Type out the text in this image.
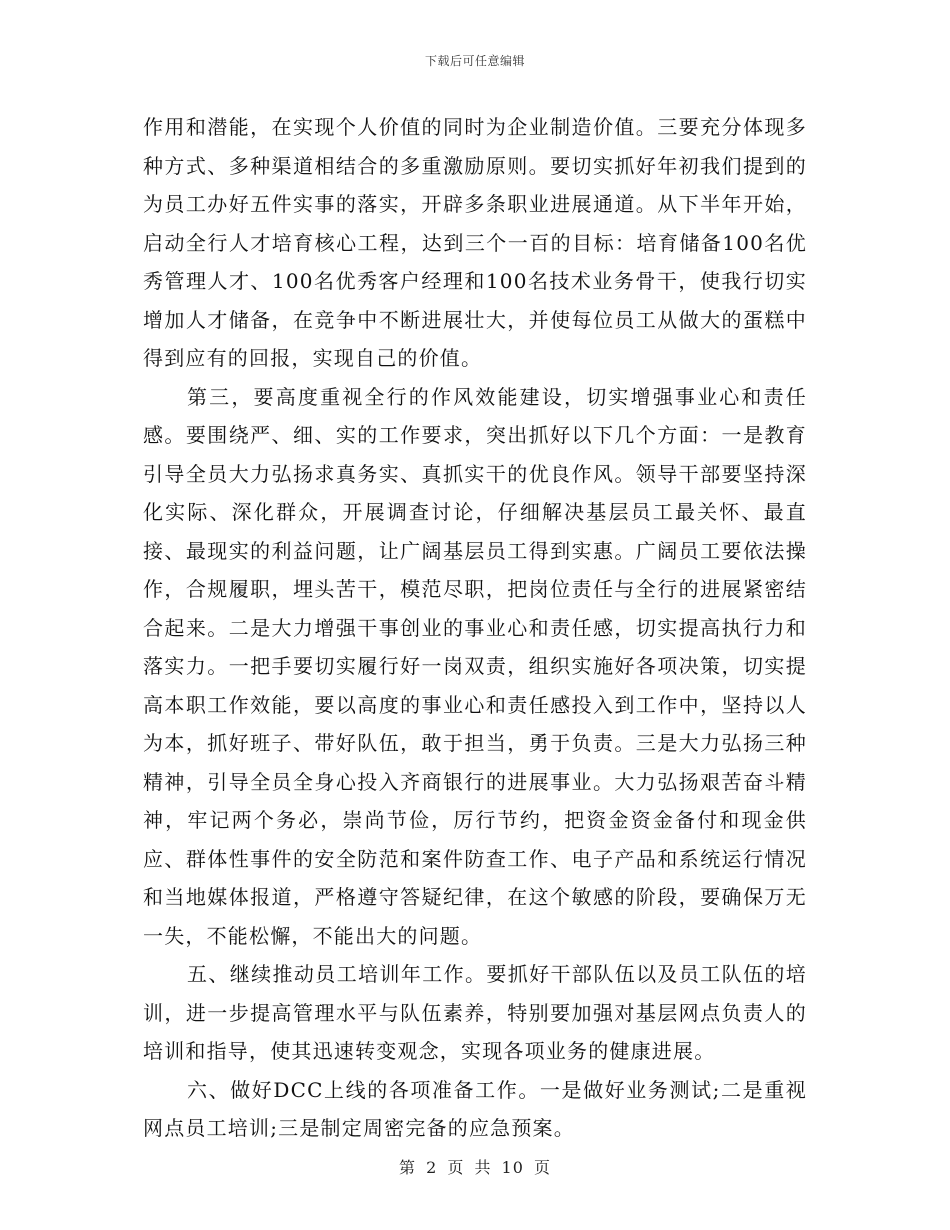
下载后可任意编辑

作用和潜能，在实现个人价值的同时为企业制造价值。三要充分体现多种方式、多种渠道相结合的多重激励原则。要切实抓好年初我们提到的为员工办好五件实事的落实，开辟多条职业进展通道。从下半年开始，启动全行人才培育核心工程，达到三个一百的目标：培育储备100名优秀管理人才、100名优秀客户经理和100名技术业务骨干，使我行切实增加人才储备，在竞争中不断进展壮大，并使每位员工从做大的蛋糕中得到应有的回报，实现自己的价值。

第三，要高度重视全行的作风效能建设，切实增强事业心和责任感。要围绕严、细、实的工作要求，突出抓好以下几个方面：一是教育引导全员大力弘扬求真务实、真抓实干的优良作风。领导干部要坚持深化实际、深化群众，开展调查讨论，仔细解决基层员工最关怀、最直接、最现实的利益问题，让广阔基层员工得到实惠。广阔员工要依法操作，合规履职，埋头苦干，模范尽职，把岗位责任与全行的进展紧密结合起来。二是大力增强干事创业的事业心和责任感，切实提高执行力和落实力。一把手要切实履行好一岗双责，组织实施好各项决策，切实提高本职工作效能，要以高度的事业心和责任感投入到工作中，坚持以人为本，抓好班子、带好队伍，敢于担当，勇于负责。三是大力弘扬三种精神，引导全员全身心投入齐商银行的进展事业。大力弘扬艰苦奋斗精神，牢记两个务必，崇尚节俭，厉行节约，把资金资金备付和现金供应、群体性事件的安全防范和案件防查工作、电子产品和系统运行情况和当地媒体报道，严格遵守答疑纪律，在这个敏感的阶段，要确保万无一失，不能松懈，不能出大的问题。

五、继续推动员工培训年工作。要抓好干部队伍以及员工队伍的培训，进一步提高管理水平与队伍素养，特别要加强对基层网点负责人的培训和指导，使其迅速转变观念，实现各项业务的健康进展。

六、做好DCC上线的各项准备工作。一是做好业务测试;二是重视网点员工培训;三是制定周密完备的应急预案。

第 2 页 共 10 页
